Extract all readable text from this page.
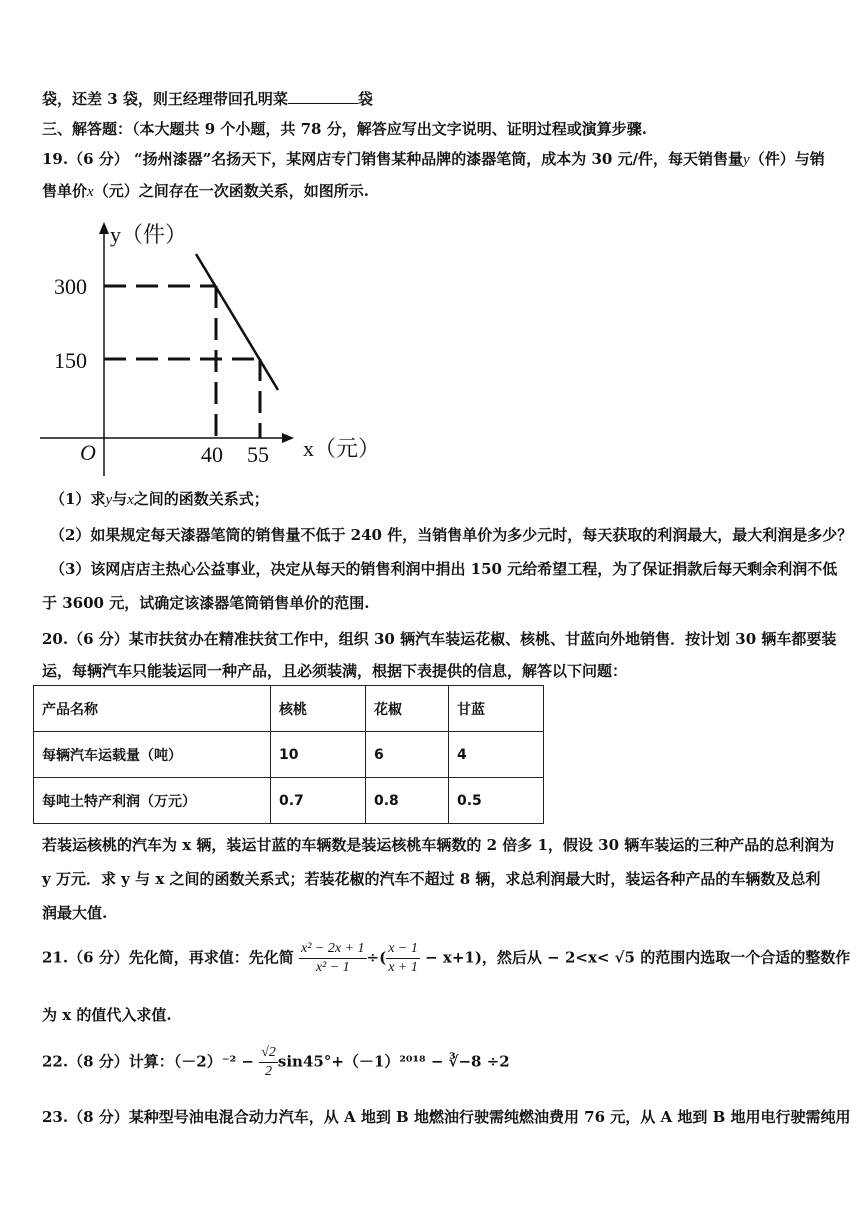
袋，还差 3 袋，则王经理带回孔明菜	袋
三、解答题：（本大题共 9 个小题，共 78 分，解答应写出文字说明、证明过程或演算步骤.
19.（6 分） “扬州漆器”名扬天下，某网店专门销售某种品牌的漆器笔筒，成本为 30 元/件，每天销售量y（件）与销
售单价x（元）之间存在一次函数关系，如图所示.
y（件）
x（元）
O
300
150
40 55
（1）求y与x之间的函数关系式；
（2）如果规定每天漆器笔筒的销售量不低于 240 件，当销售单价为多少元时，每天获取的利润最大，最大利润是多少？
（3）该网店店主热心公益事业，决定从每天的销售利润中捐出 150 元给希望工程，为了保证捐款后每天剩余利润不低
于 3600 元，试确定该漆器笔筒销售单价的范围.
20.（6 分）某市扶贫办在精准扶贫工作中，组织 30 辆汽车装运花椒、核桃、甘蓝向外地销售．按计划 30 辆车都要装
运，每辆汽车只能装运同一种产品，且必须装满，根据下表提供的信息，解答以下问题：
产品名称	核桃	花椒	甘蓝
每辆汽车运载量（吨）	10	6	4
每吨土特产利润（万元）	0.7	0.8	0.5
若装运核桃的汽车为 x 辆，装运甘蓝的车辆数是装运核桃车辆数的 2 倍多 1，假设 30 辆车装运的三种产品的总利润为
y 万元．求 y 与 x 之间的函数关系式；若装花椒的汽车不超过 8 辆，求总利润最大时，装运各种产品的车辆数及总利
润最大值.
21.（6 分）先化简，再求值：先化简 $\frac{\text{x² − 2x + 1}}{\text{x² − 1}}$ ÷( $\frac{x - 1}{x + 1} - x+1$)，然后从 − 2<x< √5 的范围内选取一个合适的整数作
为 x 的值代入求值.
22.（8 分）计算：$(-2)^{-2} - \frac{√2}{2} \sin 45^\circ+(-1)^{2018}$ − ∛−8 ÷2
23.（8 分）某种型号油电混合动力汽车，从 A 地到 B 地燃油行驶需纯燃油费用 76 元，从 A 地到 B 地用电行驶需纯用
